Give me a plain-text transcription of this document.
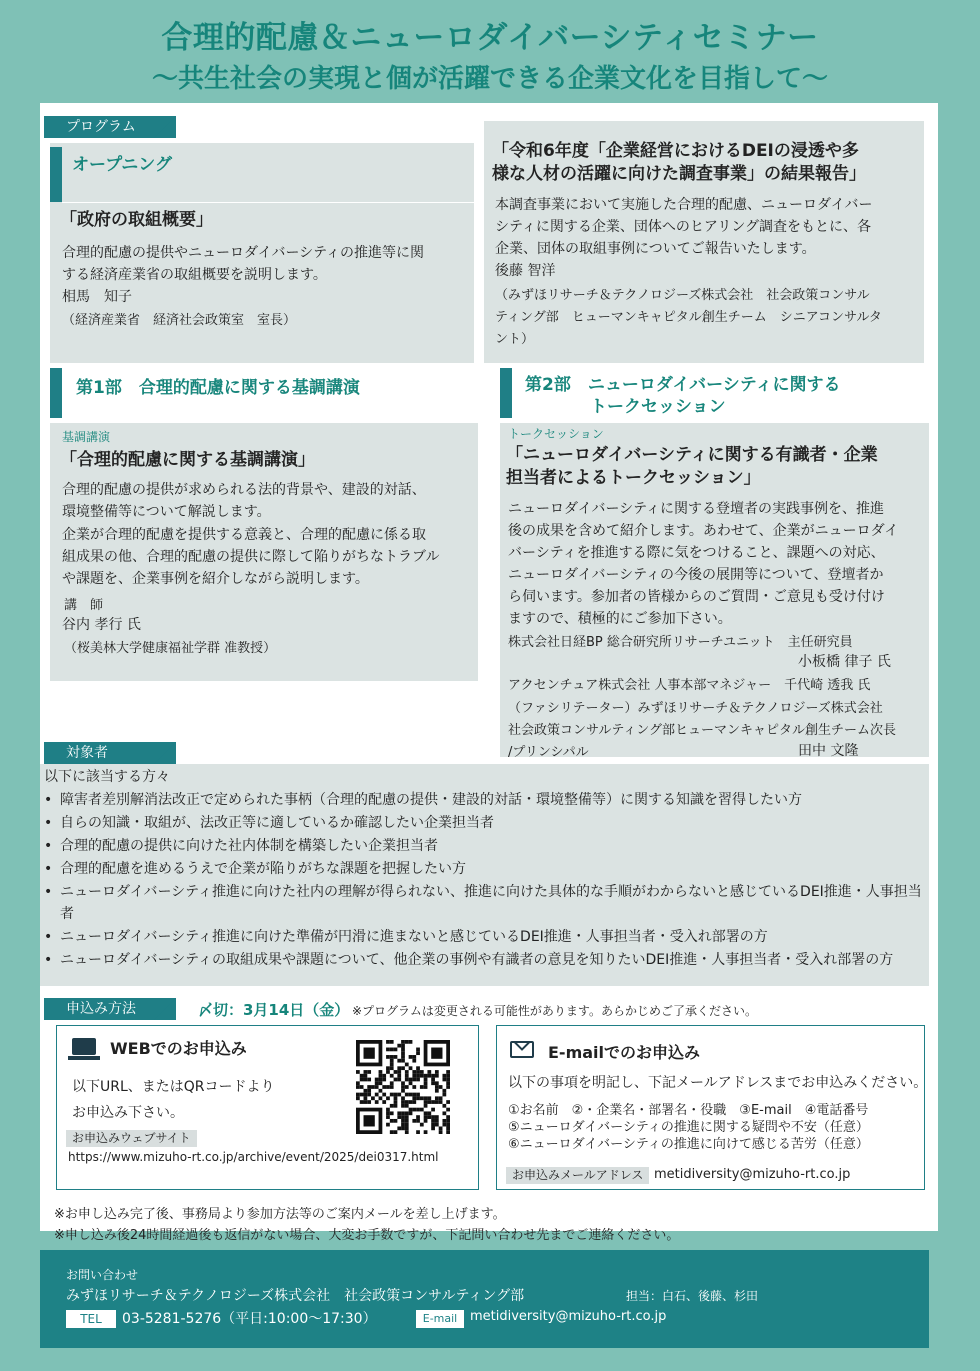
合理的配慮＆ニューロダイバーシティセミナー
～共生社会の実現と個が活躍できる企業文化を目指して～
プログラム
オープニング
「政府の取組概要」
合理的配慮の提供やニューロダイバーシティの推進等に関
する経済産業省の取組概要を説明します。
相馬　知子
（経済産業省　経済社会政策室　室長）
「令和6年度「企業経営におけるDEIの浸透や多
様な人材の活躍に向けた調査事業」の結果報告」
本調査事業において実施した合理的配慮、ニューロダイバー
シティに関する企業、団体へのヒアリング調査をもとに、各
企業、団体の取組事例についてご報告いたします。
後藤 智洋
（みずほリサーチ＆テクノロジーズ株式会社　社会政策コンサル
ティング部　ヒューマンキャピタル創生チーム　シニアコンサルタ
ント）
第1部　合理的配慮に関する基調講演
基調講演
「合理的配慮に関する基調講演」
合理的配慮の提供が求められる法的背景や、建設的対話、
環境整備等について解説します。
企業が合理的配慮を提供する意義と、合理的配慮に係る取
組成果の他、合理的配慮の提供に際して陥りがちなトラブル
や課題を、企業事例を紹介しながら説明します。
講　師
谷内 孝行 氏
（桜美林大学健康福祉学群 准教授）
第2部　ニューロダイバーシティに関する
トークセッション
トークセッション
「ニューロダイバーシティに関する有識者・企業
担当者によるトークセッション」
ニューロダイバーシティに関する登壇者の実践事例を、推進
後の成果を含めて紹介します。あわせて、企業がニューロダイ
バーシティを推進する際に気をつけること、課題への対応、
ニューロダイバーシティの今後の展開等について、登壇者か
ら伺います。参加者の皆様からのご質問・ご意見も受け付け
ますので、積極的にご参加下さい。
株式会社日経BP 総合研究所リサーチユニット　主任研究員
小板橋 律子 氏
アクセンチュア株式会社 人事本部マネジャー　千代崎 透我 氏
（ファシリテーター）みずほリサーチ＆テクノロジーズ株式会社
社会政策コンサルティング部ヒューマンキャピタル創生チーム次長
/プリンシパル	田中 文隆
対象者
以下に該当する方々
• 障害者差別解消法改正で定められた事柄（合理的配慮の提供・建設的対話・環境整備等）に関する知識を習得したい方
• 自らの知識・取組が、法改正等に適しているか確認したい企業担当者
• 合理的配慮の提供に向けた社内体制を構築したい企業担当者
• 合理的配慮を進めるうえで企業が陥りがちな課題を把握したい方
• ニューロダイバーシティ推進に向けた社内の理解が得られない、推進に向けた具体的な手順がわからないと感じているDEI推進・人事担当者
• ニューロダイバーシティ推進に向けた準備が円滑に進まないと感じているDEI推進・人事担当者・受入れ部署の方
• ニューロダイバーシティの取組成果や課題について、他企業の事例や有識者の意見を知りたいDEI推進・人事担当者・受入れ部署の方
申込み方法	〆切：3月14日（金） ※プログラムは変更される可能性があります。あらかじめご了承ください。
WEBでのお申込み
以下URL、またはQRコードより
お申込み下さい。
お申込みウェブサイト
https://www.mizuho-rt.co.jp/archive/event/2025/dei0317.html
E-mailでのお申込み
以下の事項を明記し、下記メールアドレスまでお申込みください。
①お名前　②・企業名・部署名・役職　③E-mail　④電話番号
⑤ニューロダイバーシティの推進に関する疑問や不安（任意）
⑥ニューロダイバーシティの推進に向けて感じる苦労（任意）
お申込みメールアドレス metidiversity@mizuho-rt.co.jp
※お申し込み完了後、事務局より参加方法等のご案内メールを差し上げます。
※申し込み後24時間経過後も返信がない場合、大変お手数ですが、下記問い合わせ先までご連絡ください。
お問い合わせ
みずほリサーチ＆テクノロジーズ株式会社　社会政策コンサルティング部	担当：白石、後藤、杉田
TEL	03-5281-5276（平日:10:00～17:30）	E-mail metidiversity@mizuho-rt.co.jp
